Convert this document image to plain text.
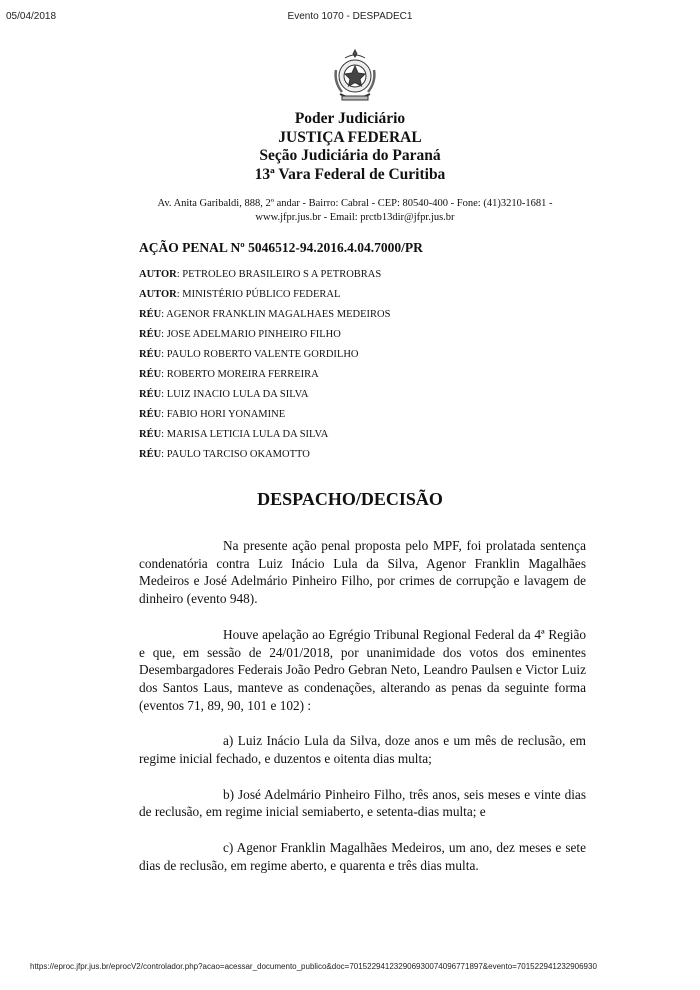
05/04/2018	Evento 1070 - DESPADEC1
Poder Judiciário
JUSTIÇA FEDERAL
Seção Judiciária do Paraná
13ª Vara Federal de Curitiba
Av. Anita Garibaldi, 888, 2º andar - Bairro: Cabral - CEP: 80540-400 - Fone: (41)3210-1681 -
www.jfpr.jus.br - Email: prctb13dir@jfpr.jus.br
AÇÃO PENAL Nº 5046512-94.2016.4.04.7000/PR
AUTOR: PETROLEO BRASILEIRO S A PETROBRAS
AUTOR: MINISTÉRIO PÚBLICO FEDERAL
RÉU: AGENOR FRANKLIN MAGALHAES MEDEIROS
RÉU: JOSE ADELMARIO PINHEIRO FILHO
RÉU: PAULO ROBERTO VALENTE GORDILHO
RÉU: ROBERTO MOREIRA FERREIRA
RÉU: LUIZ INACIO LULA DA SILVA
RÉU: FABIO HORI YONAMINE
RÉU: MARISA LETICIA LULA DA SILVA
RÉU: PAULO TARCISO OKAMOTTO
DESPACHO/DECISÃO

Na presente ação penal proposta pelo MPF, foi prolatada sentença condenatória contra Luiz Inácio Lula da Silva, Agenor Franklin Magalhães Medeiros e José Adelmário Pinheiro Filho, por crimes de corrupção e lavagem de dinheiro (evento 948).

Houve apelação ao Egrégio Tribunal Regional Federal da 4ª Região e que, em sessão de 24/01/2018, por unanimidade dos votos dos eminentes Desembargadores Federais João Pedro Gebran Neto, Leandro Paulsen e Victor Luiz dos Santos Laus, manteve as condenações, alterando as penas da seguinte forma (eventos 71, 89, 90, 101 e 102) :

a) Luiz Inácio Lula da Silva, doze anos e um mês de reclusão, em regime inicial fechado, e duzentos e oitenta dias multa;

b) José Adelmário Pinheiro Filho, três anos, seis meses e vinte dias de reclusão, em regime inicial semiaberto, e setenta-dias multa; e

c) Agenor Franklin Magalhães Medeiros, um ano, dez meses e sete dias de reclusão, em regime aberto, e quarenta e três dias multa.

https://eproc.jfpr.jus.br/eprocV2/controlador.php?acao=acessar_documento_publico&doc=701522941232906930074096771897&evento=701522941232906930
